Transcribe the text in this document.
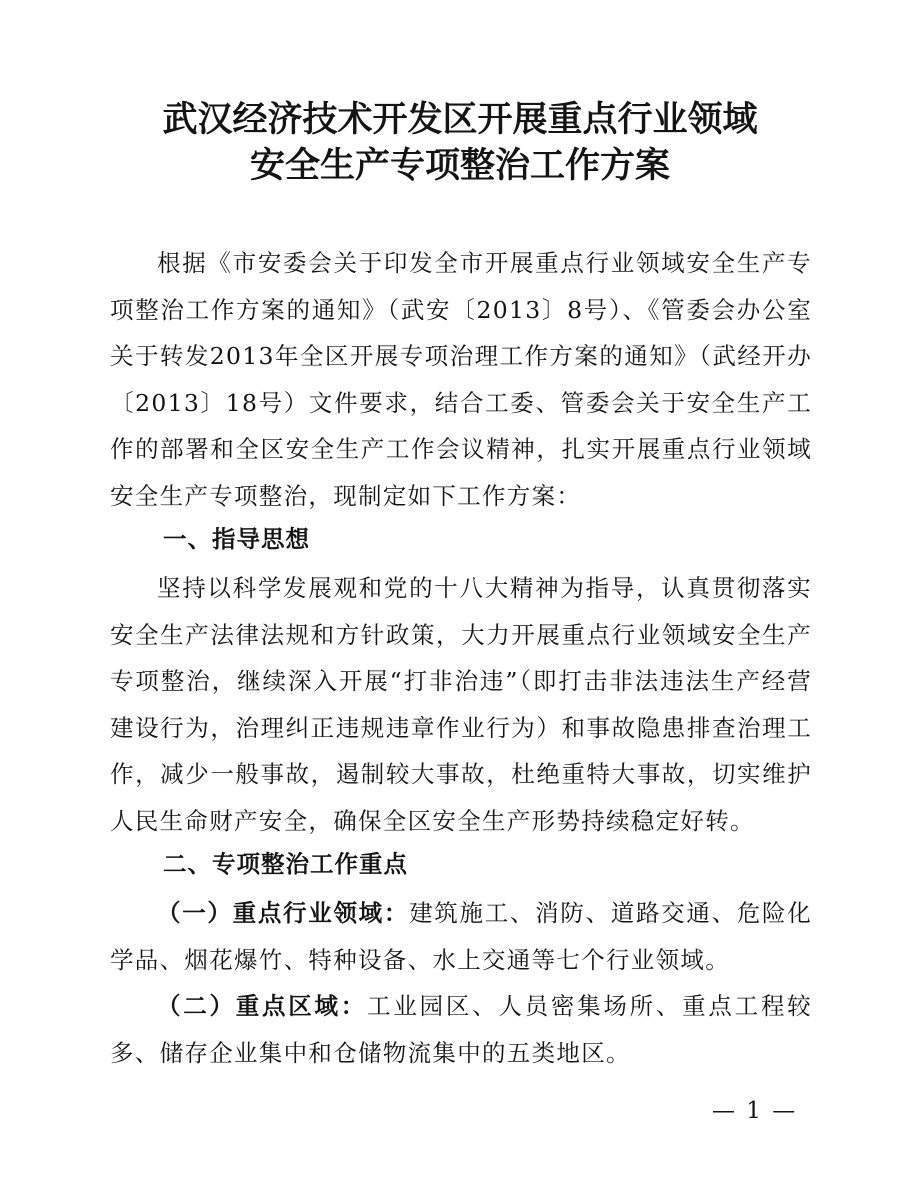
武汉经济技术开发区开展重点行业领域
安全生产专项整治工作方案

根据《市安委会关于印发全市开展重点行业领域安全生产专项整治工作方案的通知》（武安〔2013〕8号）、《管委会办公室关于转发2013年全区开展专项治理工作方案的通知》（武经开办〔2013〕18号）文件要求，结合工委、管委会关于安全生产工作的部署和全区安全生产工作会议精神，扎实开展重点行业领域安全生产专项整治，现制定如下工作方案：

一、指导思想

坚持以科学发展观和党的十八大精神为指导，认真贯彻落实安全生产法律法规和方针政策，大力开展重点行业领域安全生产专项整治，继续深入开展“打非治违”（即打击非法违法生产经营建设行为，治理纠正违规违章作业行为）和事故隐患排查治理工作，减少一般事故，遏制较大事故，杜绝重特大事故，切实维护人民生命财产安全，确保全区安全生产形势持续稳定好转。

二、专项整治工作重点

（一）重点行业领域：建筑施工、消防、道路交通、危险化学品、烟花爆竹、特种设备、水上交通等七个行业领域。

（二）重点区域：工业园区、人员密集场所、重点工程较多、储存企业集中和仓储物流集中的五类地区。

— 1 —
